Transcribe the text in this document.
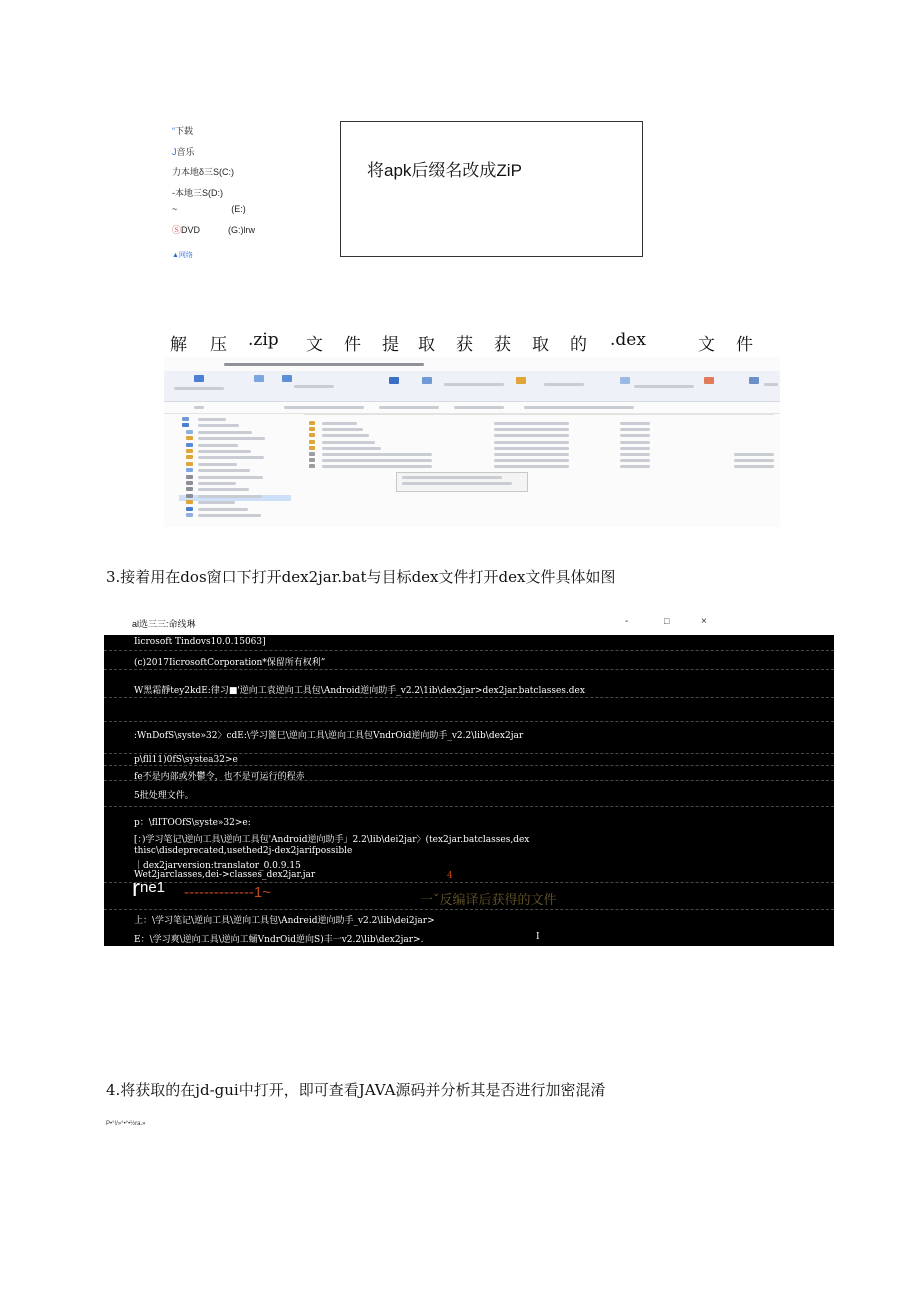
“下载
J音乐
力本地δ三S(C:)
-本地三S(D:)
~	(E:)
ⓈDVD	(G:)lrw
▲网络
将apk后缀名改成ZiP
解 压 .zip 文 件 提 取 获 获 取 的 .dex	文 件
3.接着用在dos窗口下打开dex2jar.bat与目标dex文件打开dex文件具体如图
al选三三:命线琳	-	□	×
Iicrosoft Tindovs10.0.15063]
(c)2017IicrosoftCorporation*保留所有权利”
W黑霜靜tey2kdE:律习■'逆向工袁逆向工具包\Android逆向助手_v2.2\1ib\dex2jar>dex2jar.batclasses.dex
:WnDofS\syste»32〉cdE:\学习篦巳\逆向工具\逆向工具包VndrOid逆向助手_v2.2\lib\dex2jar
p\fll11)0fS\systea32>e
fe不是内部或外鬱令，也不是可运行的程赤
5批处理文件。
p：\flITOOfS\syste»32>e:
[：)学习笔记\逆向工具\逆向工具包'Android逆向助手」2.2\lib\dei2jar〉(tex2jar.batclasses,dex
thisc\disdeprecated,usethed2j-dex2jarifpossible
｜dex2jarversion:translator_0.0.9.15
Wet2jarclasses,dei->classes_dex2jar.jar
$r^{ne1}$ --------------1~
4
一ˇ反编译后获得的文件
上：\学习笔记\逆向工具\逆向工具包\Andreid逆向助手_v2.2\lib\dei2jar>
E：\学习爽\逆向工具\逆向工蛹VndrOid逆向S)丰一v2.2\lib\dex2jar>.	I
4.将获取的在jd-gui中打开，即可查看JAVA源码并分析其是否进行加密混淆
P•°!/»°•°•½ra.»
